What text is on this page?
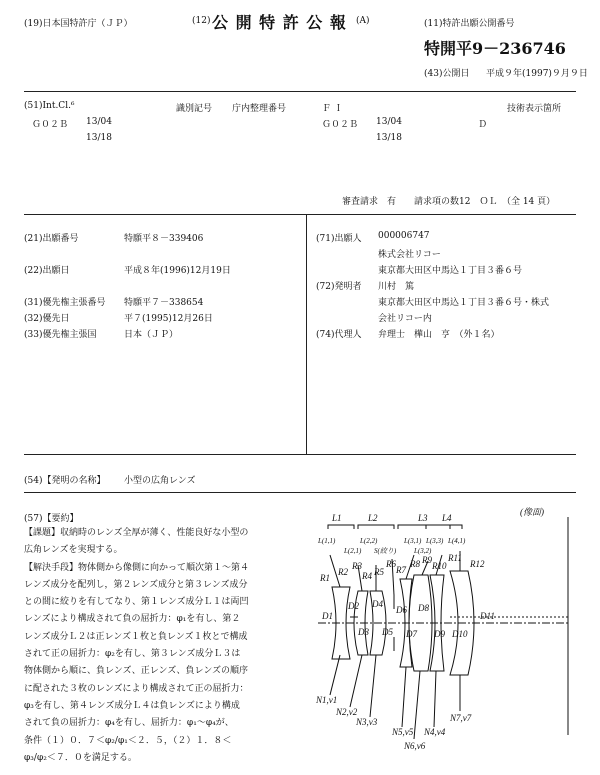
(19)日本国特許庁（ＪＰ）	(12) 公 開 特 許 公 報 (A)	(11)特許出願公開番号
特開平9－236746
(43)公開日 平成９年(1997)９月９日
(51)Int.Cl.⁶	識別記号 庁内整理番号	Ｆ Ｉ	技術表示箇所
Ｇ０２Ｂ 13/04	Ｇ０２Ｂ 13/04	Ｄ
13/18	13/18
審査請求　有　　請求項の数12　ＯＬ　（全 14 頁）
(21)出願番号	特願平８－339406
(22)出願日	平成８年(1996)12月19日
(31)優先権主張番号 特願平７－338654
(32)優先日	平７(1995)12月26日
(33)優先権主張国	日本（ＪＰ）
(71)出願人 000006747
株式会社リコー
東京都大田区中馬込１丁目３番６号
(72)発明者 川村　篤
東京都大田区中馬込１丁目３番６号・株式
会社リコー内
(74)代理人 弁理士　樺山　亨　（外１名）
(54)【発明の名称】 小型の広角レンズ
(57)【要約】
【課題】収納時のレンズ全厚が薄く、性能良好な小型の
広角レンズを実現する。
【解決手段】物体側から像側に向かって順次第１～第４
レンズ成分を配列し，第２レンズ成分と第３レンズ成分
との間に絞りを有してなり、第１レンズ成分Ｌ１は両凹
レンズにより構成されて負の屈折力：φ₁を有し、第２
レンズ成分Ｌ２は正レンズ１枚と負レンズ１枚とで構成
されて正の屈折力：φ₂を有し、第３レンズ成分Ｌ３は
物体側から順に、負レンズ、正レンズ、負レンズの順序
に配された３枚のレンズにより構成されて正の屈折力：
φ₃を有し、第４レンズ成分Ｌ４は負レンズにより構成
されて負の屈折力：φ₄を有し、屈折力：φ₁～φ₄が、
条件（１）０．７＜φ₂/φ₁＜２．５，（２）１．８＜
φ₃/φ₂＜７．０を満足する。
(像面)
L1	L2	L3 L4
L(1,1)
L(2,1)
L(2,2)
S(絞り)
L(3,1)
L(3,2)
L(3,3) L(4,1)
R1
R2
R3
R4 R5
R6
R7
R8 R9
R10
R11
R12
D1
D2
D3
D4
D5
D6
D7
D8
D9 D10
D11
N1,ν1
N2,ν2
N3,ν3
N5,ν5
N6,ν6
N4,ν4
N7,ν7
